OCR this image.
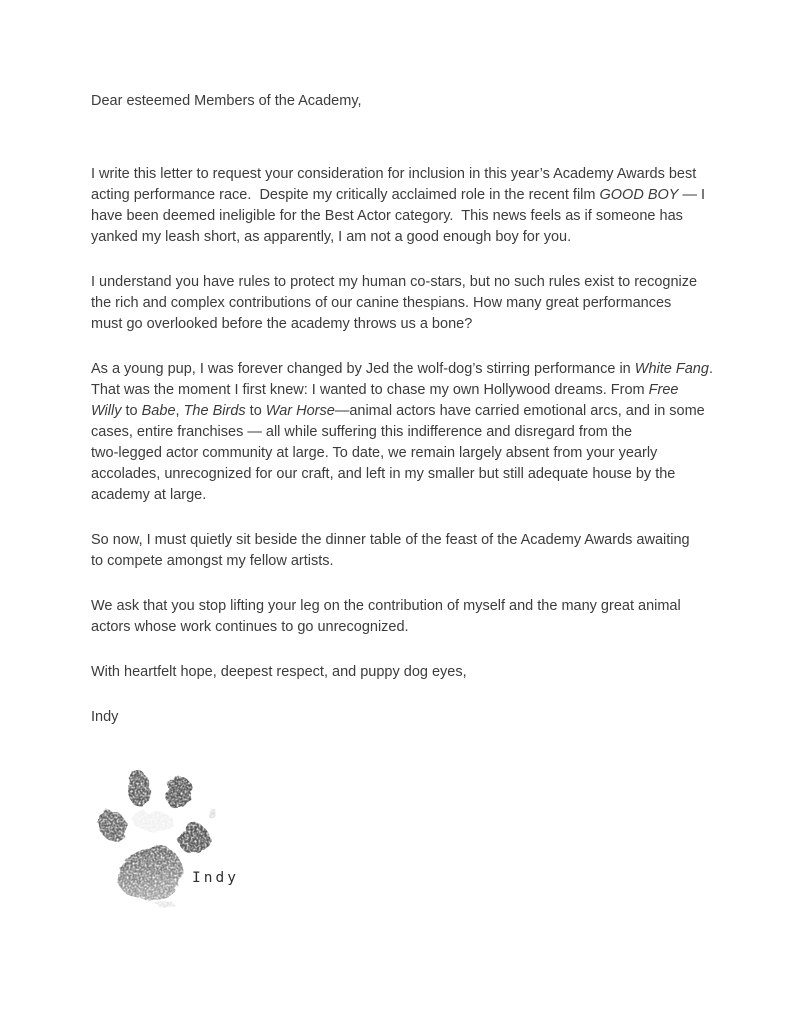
Dear esteemed Members of the Academy,

I write this letter to request your consideration for inclusion in this year’s Academy Awards best
acting performance race.  Despite my critically acclaimed role in the recent film GOOD BOY — I
have been deemed ineligible for the Best Actor category.  This news feels as if someone has
yanked my leash short, as apparently, I am not a good enough boy for you.

I understand you have rules to protect my human co-stars, but no such rules exist to recognize
the rich and complex contributions of our canine thespians. How many great performances
must go overlooked before the academy throws us a bone?

As a young pup, I was forever changed by Jed the wolf-dog’s stirring performance in White Fang.
That was the moment I first knew: I wanted to chase my own Hollywood dreams. From Free
Willy to Babe, The Birds to War Horse—animal actors have carried emotional arcs, and in some
cases, entire franchises — all while suffering this indifference and disregard from the
two-legged actor community at large. To date, we remain largely absent from your yearly
accolades, unrecognized for our craft, and left in my smaller but still adequate house by the
academy at large.

So now, I must quietly sit beside the dinner table of the feast of the Academy Awards awaiting
to compete amongst my fellow artists.

We ask that you stop lifting your leg on the contribution of myself and the many great animal
actors whose work continues to go unrecognized.

With heartfelt hope, deepest respect, and puppy dog eyes,

Indy

Indy
